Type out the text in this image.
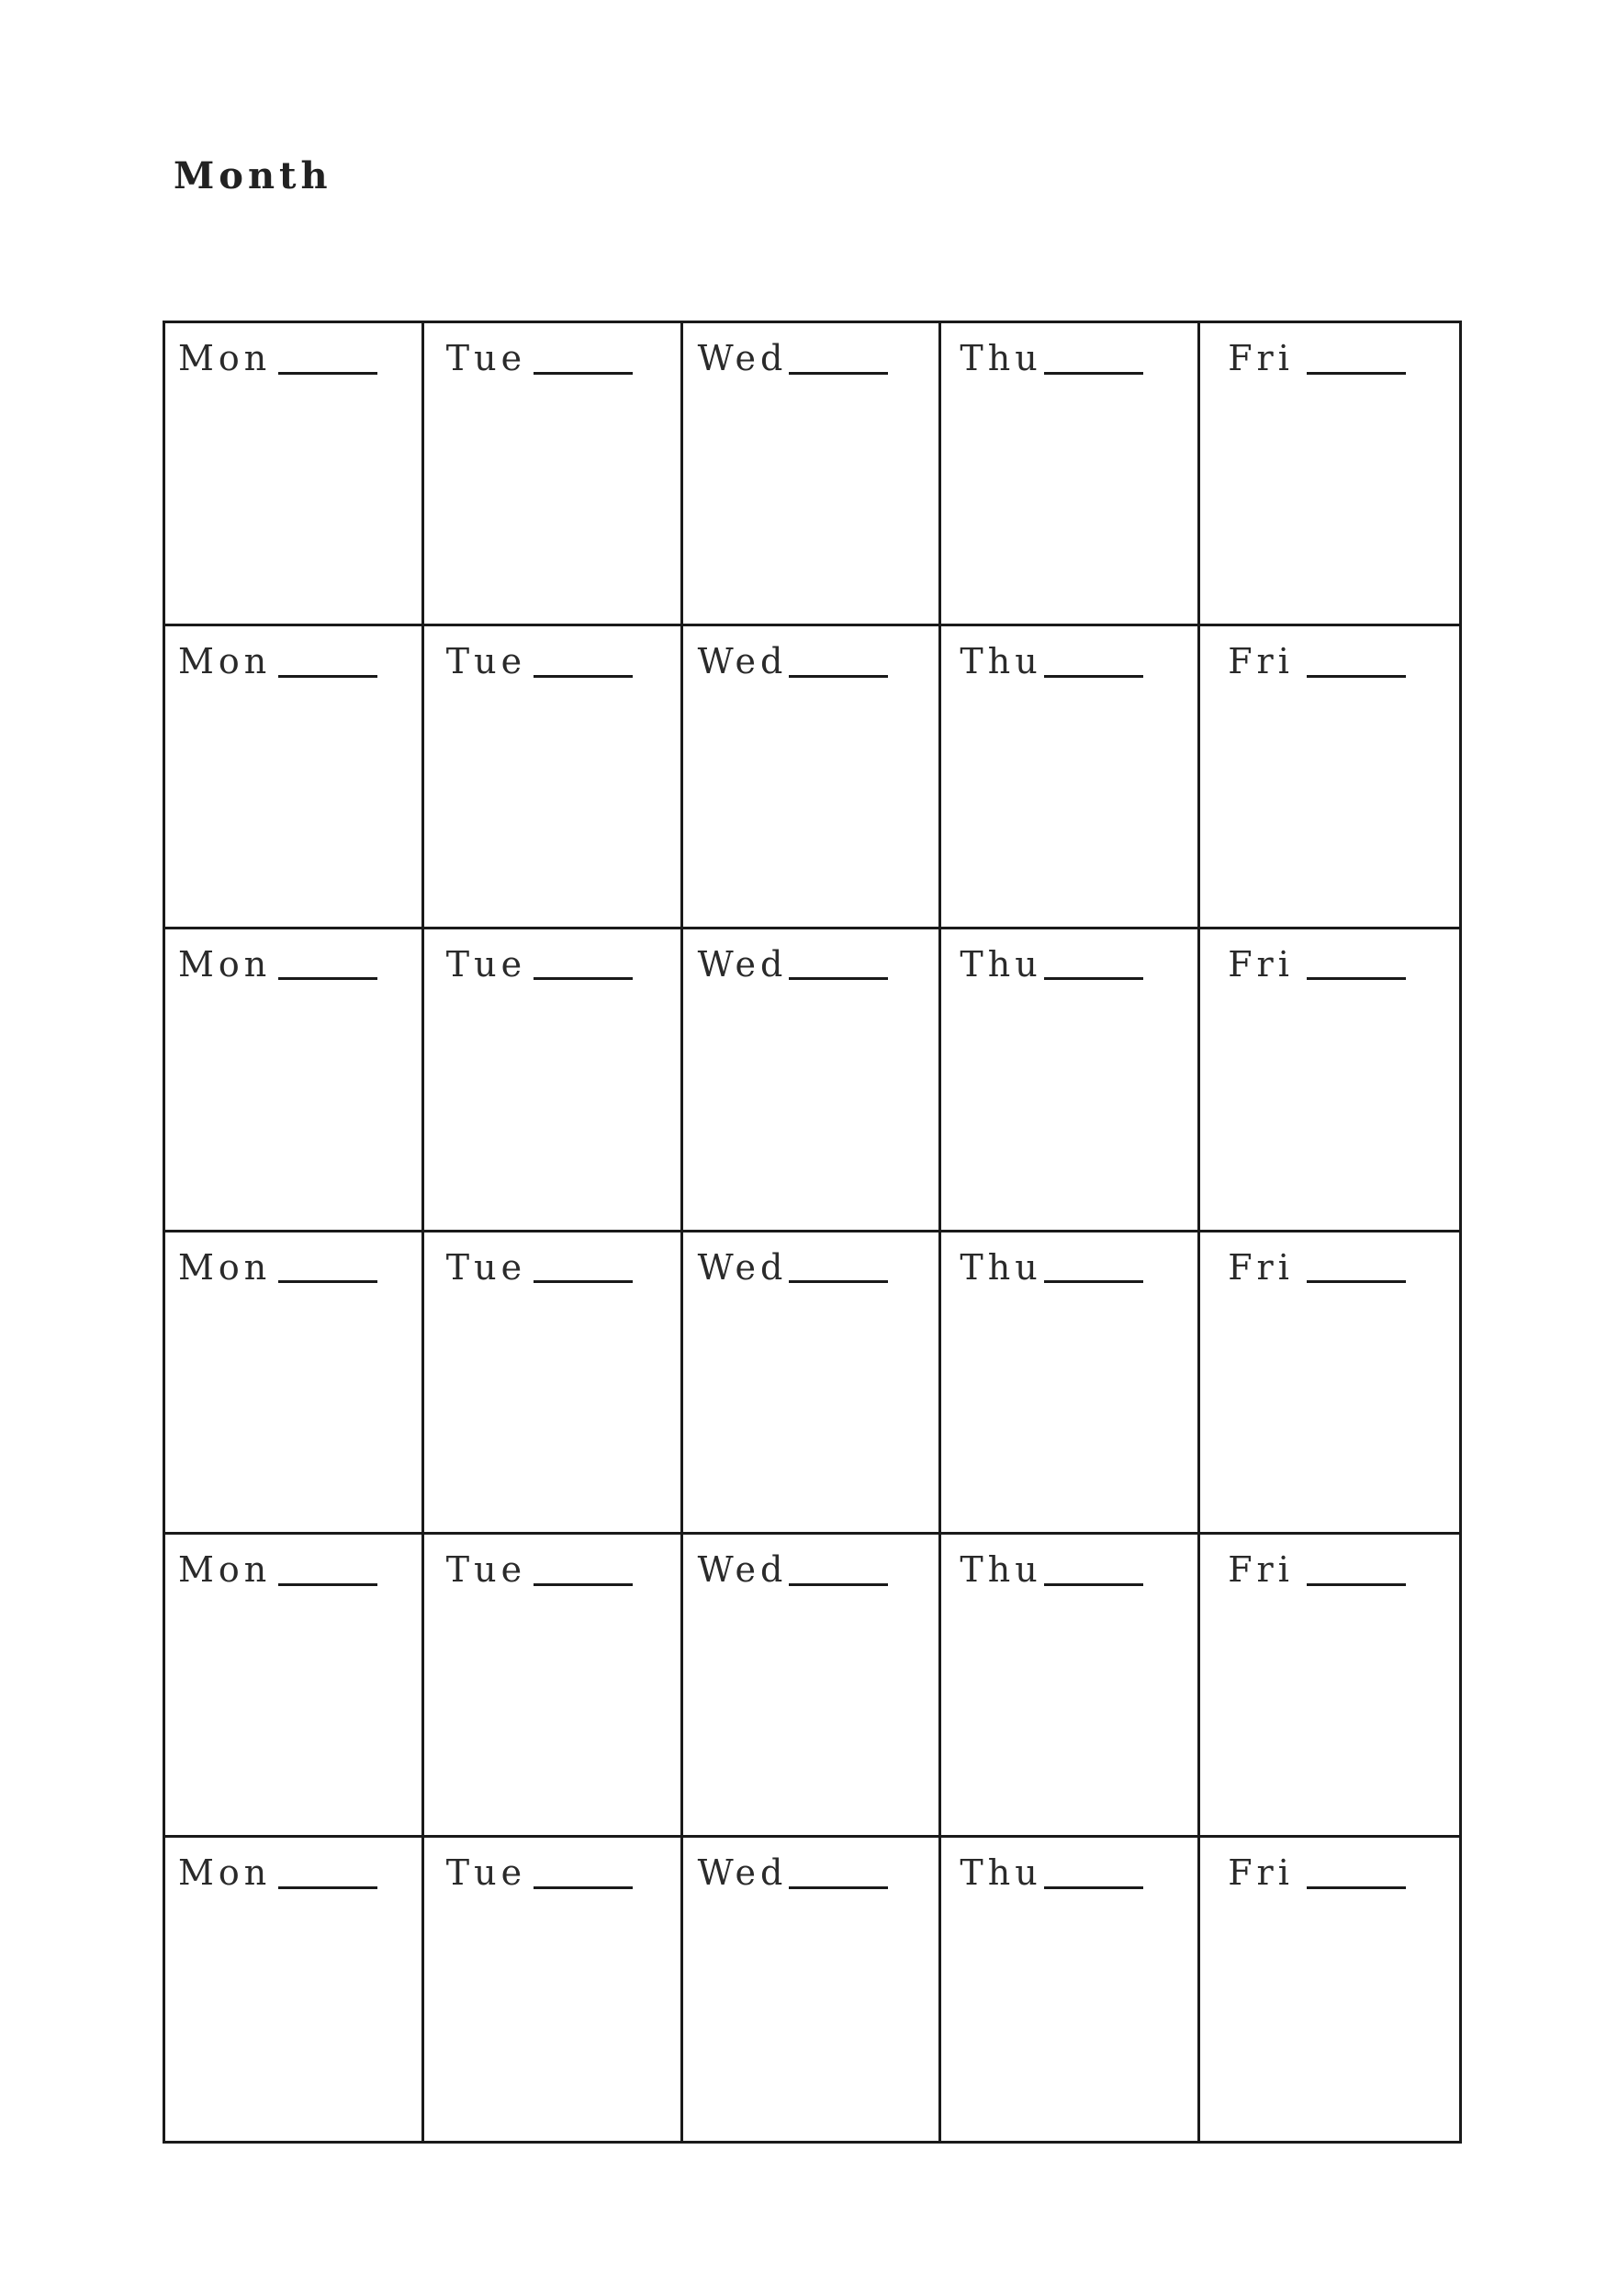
Month
Mon	Tue	Wed	Thu	Fri
Mon	Tue	Wed	Thu	Fri
Mon	Tue	Wed	Thu	Fri
Mon	Tue	Wed	Thu	Fri
Mon	Tue	Wed	Thu	Fri
Mon	Tue	Wed	Thu	Fri
